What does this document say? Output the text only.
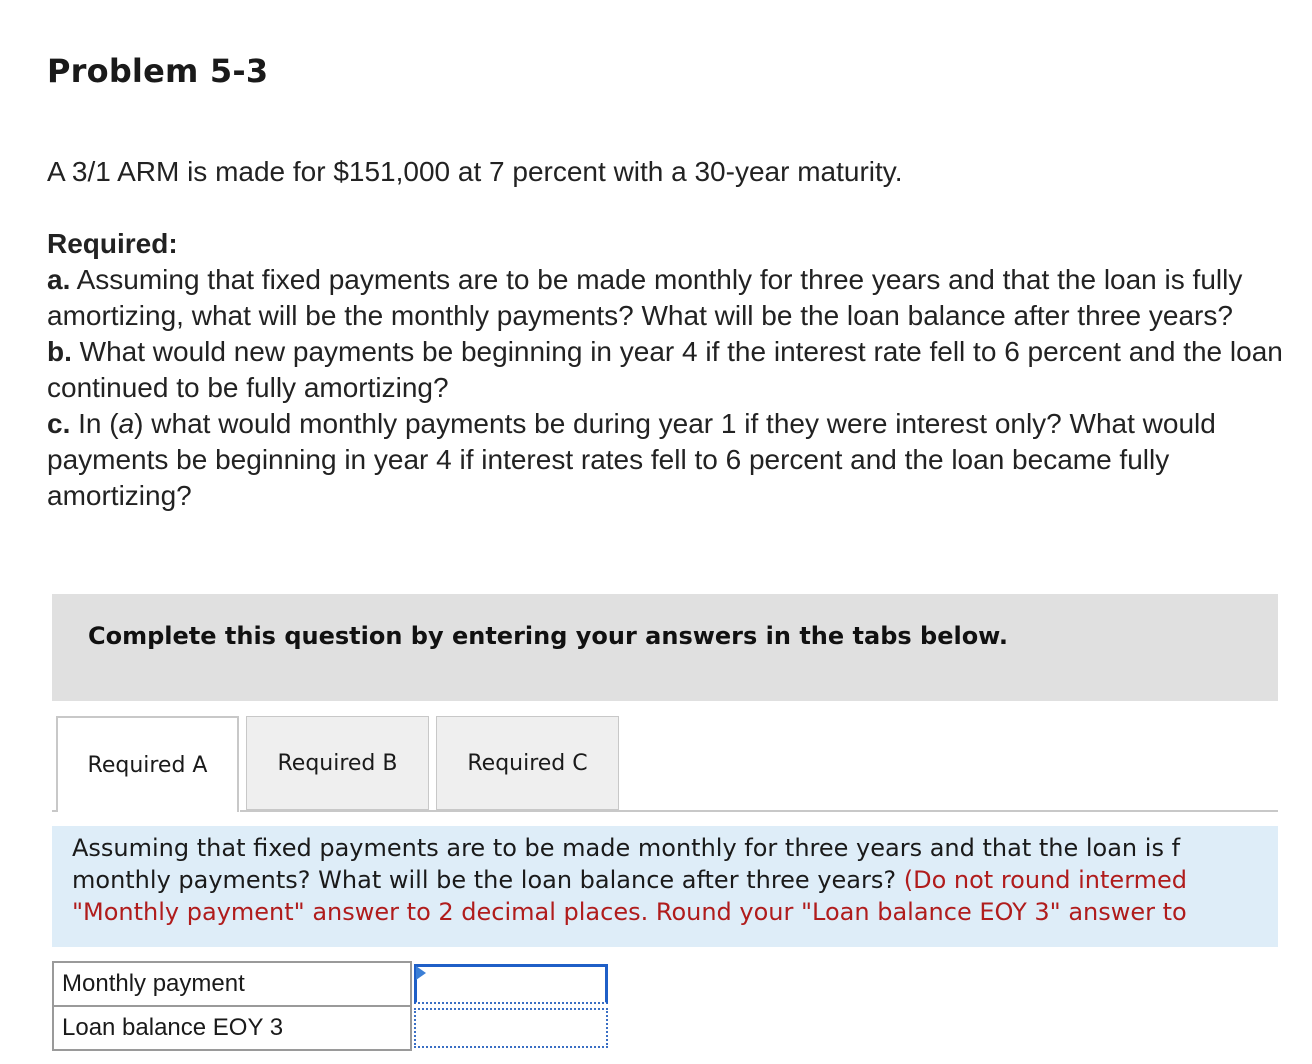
Problem 5-3

A 3/1 ARM is made for $151,000 at 7 percent with a 30-year maturity.

Required:

a. Assuming that fixed payments are to be made monthly for three years and that the loan is fully amortizing, what will be the monthly payments? What will be the loan balance after three years?

b. What would new payments be beginning in year 4 if the interest rate fell to 6 percent and the loan continued to be fully amortizing?

c. In (a) what would monthly payments be during year 1 if they were interest only? What would payments be beginning in year 4 if interest rates fell to 6 percent and the loan became fully amortizing?

Complete this question by entering your answers in the tabs below.
Required A	Required B	Required C
Assuming that fixed payments are to be made monthly for three years and that the loan is f
monthly payments? What will be the loan balance after three years? (Do not round intermed
"Monthly payment" answer to 2 decimal places. Round your "Loan balance EOY 3" answer to
Monthly payment	

Loan balance EOY 3	
